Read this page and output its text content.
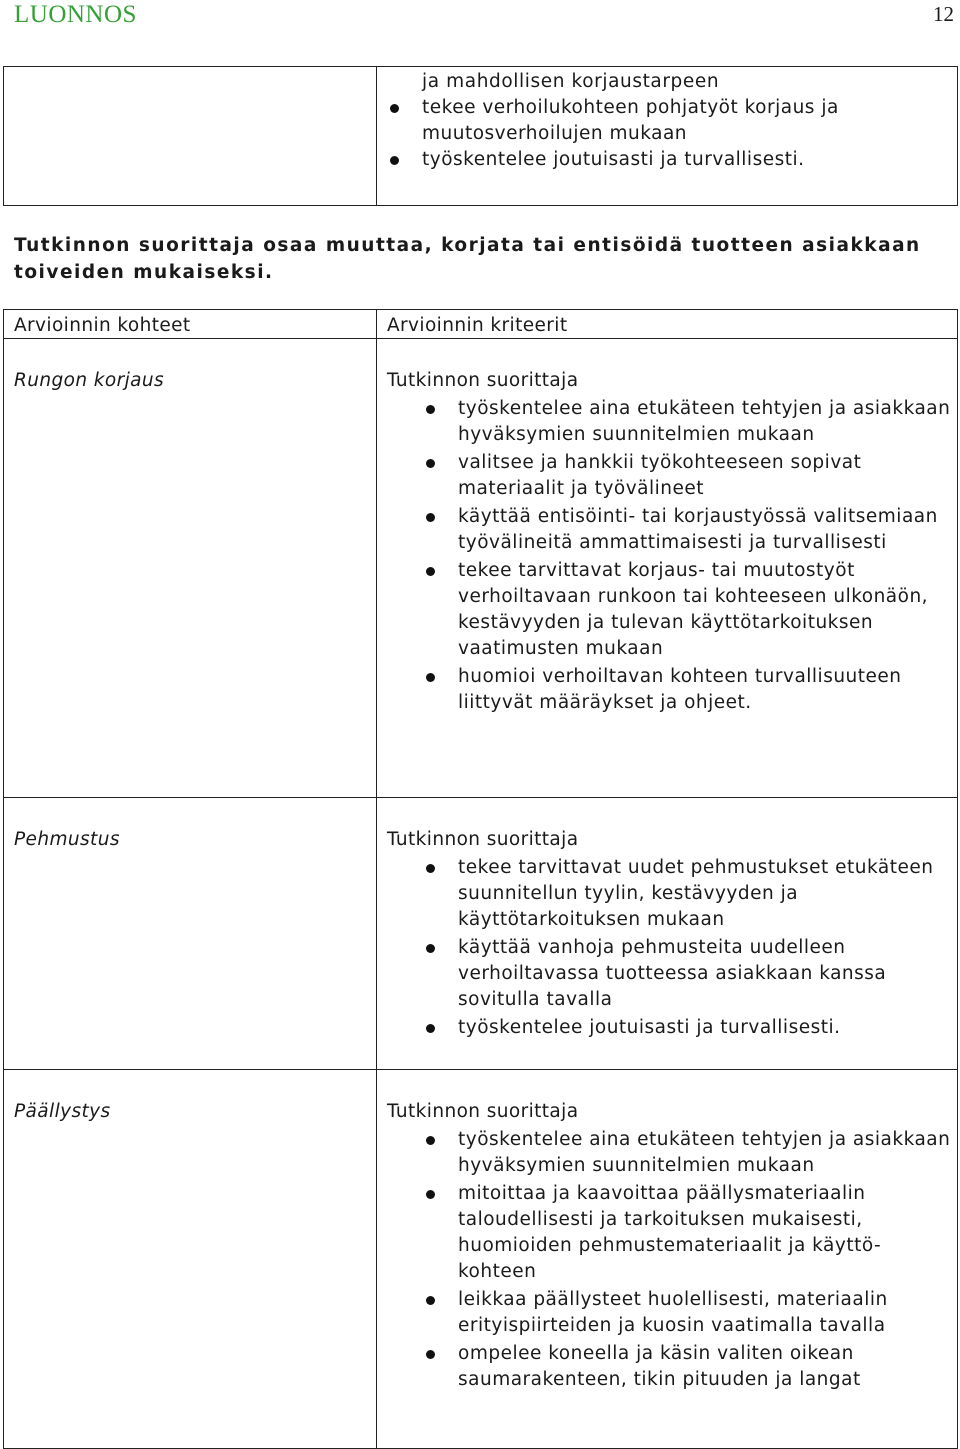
LUONNOS	12
ja mahdollisen korjaustarpeen
tekee verhoilukohteen pohjatyöt korjaus ja muutosverhoilujen mukaan
työskentelee joutuisasti ja turvallisesti.
Tutkinnon suorittaja osaa muuttaa, korjata tai entisöidä tuotteen asiakkaan toiveiden mukaiseksi.
Arvioinnin kohteet	Arvioinnin kriteerit
Rungon korjaus	Tutkinnon suorittaja
työskentelee aina etukäteen tehtyjen ja asiakkaan hyväksymien suunnitelmien mukaan
valitsee ja hankkii työkohteeseen sopivat materiaalit ja työvälineet
käyttää entisöinti- tai korjaustyössä valitsemiaan työvälineitä ammattimaisesti ja turvallisesti
tekee tarvittavat korjaus- tai muutostyöt verhoiltavaan runkoon tai kohteeseen ulkonäön, kestävyyden ja tulevan käyttötarkoituksen vaatimusten mukaan
huomioi verhoiltavan kohteen turvallisuuteen liittyvät määräykset ja ohjeet.
Pehmustus	Tutkinnon suorittaja
tekee tarvittavat uudet pehmustukset etukäteen suunnitellun tyylin, kestävyyden ja käyttötarkoituksen mukaan
käyttää vanhoja pehmusteita uudelleen verhoiltavassa tuotteessa asiakkaan kanssa sovitulla tavalla
työskentelee joutuisasti ja turvallisesti.
Päällystys	Tutkinnon suorittaja
työskentelee aina etukäteen tehtyjen ja asiakkaan hyväksymien suunnitelmien mukaan
mitoittaa ja kaavoittaa päällysmateriaalin taloudellisesti ja tarkoituksen mukaisesti, huomioiden pehmustemateriaalit ja käyttö-kohteen
leikkaa päällysteet huolellisesti, materiaalin erityispiirteiden ja kuosin vaatimalla tavalla
ompelee koneella ja käsin valiten oikean saumarakenteen, tikin pituuden ja langat
